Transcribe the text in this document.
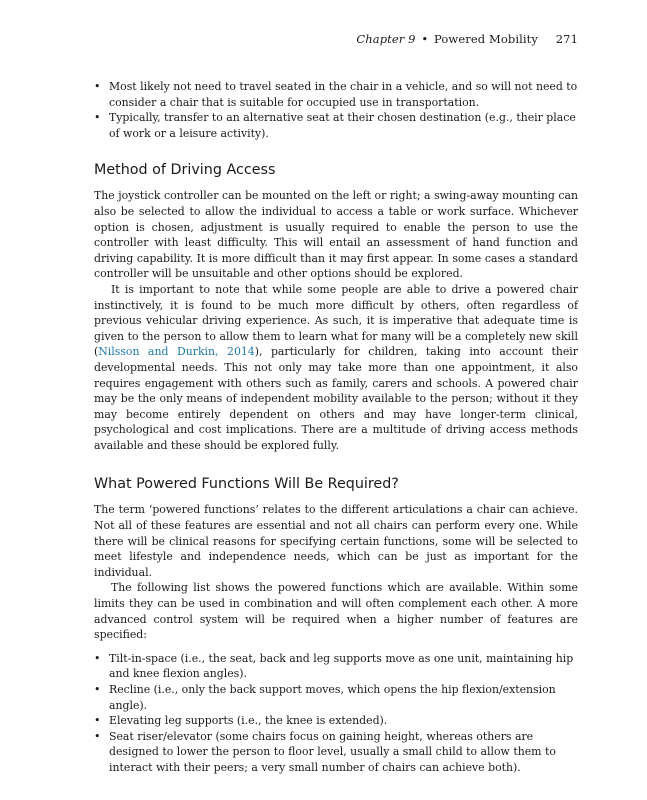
Chapter 9 • Powered Mobility 271
• Most likely not need to travel seated in the chair in a vehicle, and so will not need to consider a chair that is suitable for occupied use in transportation.
• Typically, transfer to an alternative seat at their chosen destination (e.g., their place of work or a leisure activity).
Method of Driving Access

The joystick controller can be mounted on the left or right; a swing-away mounting can also be selected to allow the individual to access a table or work surface. Whichever option is chosen, adjustment is usually required to enable the person to use the controller with least difficulty. This will entail an assessment of hand function and driving capability. It is more difficult than it may first appear. In some cases a standard controller will be unsuitable and other options should be explored.

It is important to note that while some people are able to drive a powered chair instinctively, it is found to be much more difficult by others, often regardless of previous vehicular driving experience. As such, it is imperative that adequate time is given to the person to allow them to learn what for many will be a completely new skill (Nilsson and Durkin, 2014), particularly for children, taking into account their developmental needs. This not only may take more than one appointment, it also requires engagement with others such as family, carers and schools. A powered chair may be the only means of independent mobility available to the person; without it they may become entirely dependent on others and may have longer-term clinical, psychological and cost implications. There are a multitude of driving access methods available and these should be explored fully.

What Powered Functions Will Be Required?

The term ‘powered functions’ relates to the different articulations a chair can achieve. Not all of these features are essential and not all chairs can perform every one. While there will be clinical reasons for specifying certain functions, some will be selected to meet lifestyle and independence needs, which can be just as important for the individual.

The following list shows the powered functions which are available. Within some limits they can be used in combination and will often complement each other. A more advanced control system will be required when a higher number of features are specified:

• Tilt-in-space (i.e., the seat, back and leg supports move as one unit, maintaining hip and knee flexion angles).
• Recline (i.e., only the back support moves, which opens the hip flexion/extension angle).
• Elevating leg supports (i.e., the knee is extended).
• Seat riser/elevator (some chairs focus on gaining height, whereas others are designed to lower the person to floor level, usually a small child to allow them to interact with their peers; a very small number of chairs can achieve both).
